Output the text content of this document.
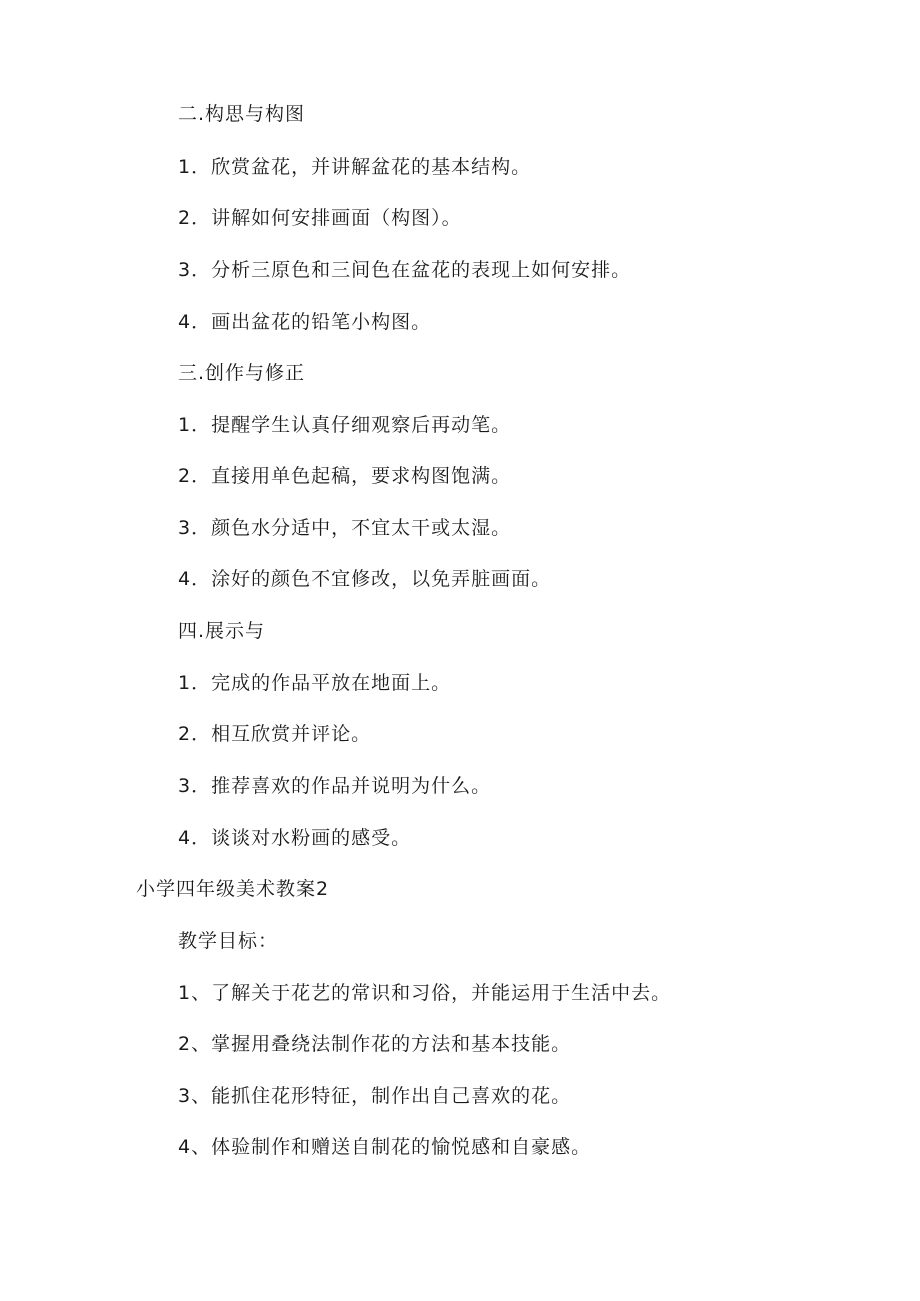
二.构思与构图
1．欣赏盆花，并讲解盆花的基本结构。
2．讲解如何安排画面（构图）。
3．分析三原色和三间色在盆花的表现上如何安排。
4．画出盆花的铅笔小构图。
三.创作与修正
1．提醒学生认真仔细观察后再动笔。
2．直接用单色起稿，要求构图饱满。
3．颜色水分适中，不宜太干或太湿。
4．涂好的颜色不宜修改，以免弄脏画面。
四.展示与
1．完成的作品平放在地面上。
2．相互欣赏并评论。
3．推荐喜欢的作品并说明为什么。
4．谈谈对水粉画的感受。
小学四年级美术教案2
教学目标：
1、了解关于花艺的常识和习俗，并能运用于生活中去。
2、掌握用叠绕法制作花的方法和基本技能。
3、能抓住花形特征，制作出自己喜欢的花。
4、体验制作和赠送自制花的愉悦感和自豪感。
